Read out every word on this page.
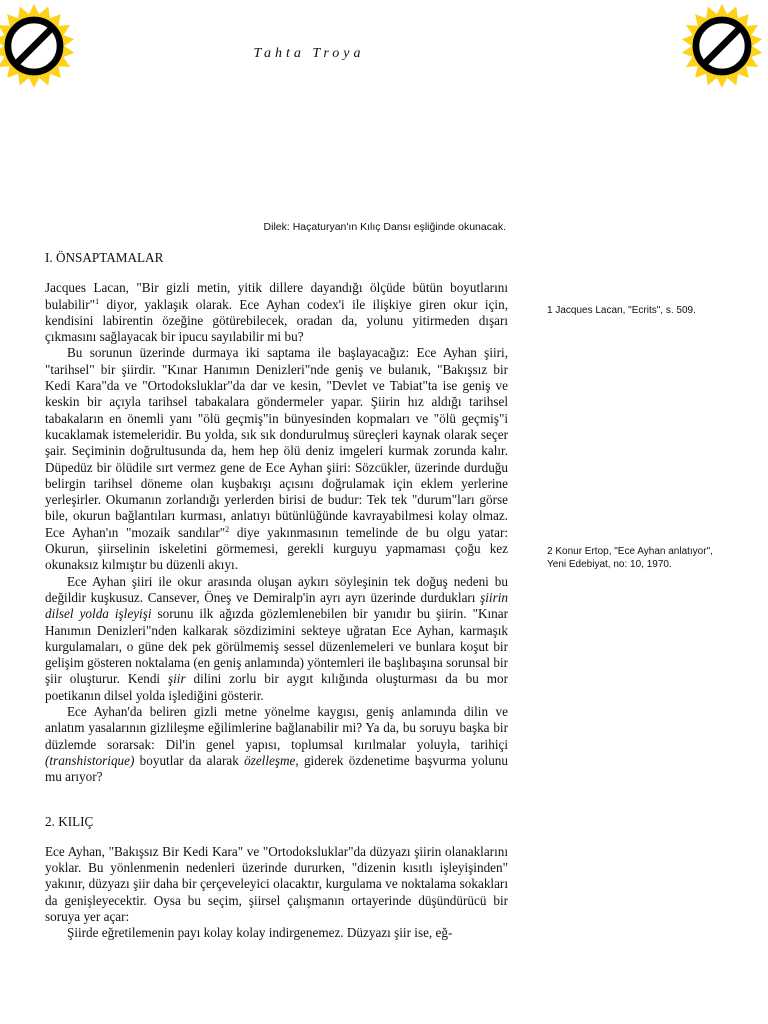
Tahta Troya
Dilek: Haçaturyan'ın Kılıç Dansı eşliğinde okunacak.
I. ÖNSAPTAMALAR

Jacques Lacan, "Bir gizli metin, yitik dillere dayandığı ölçüde bütün boyutlarını bulabilir"$^1$ diyor, yaklaşık olarak. Ece Ayhan codex'i ile ilişkiye giren okur için, kendisini labirentin özeğine götürebilecek, oradan da, yolunu yitirmeden dışarı çıkmasını sağlayacak bir ipucu sayılabilir mi bu?

Bu sorunun üzerinde durmaya iki saptama ile başlayacağız: Ece Ayhan şiiri, "tarihsel" bir şiirdir. "Kınar Hanımın Denizleri"nde geniş ve bulanık, "Bakışsız bir Kedi Kara"da ve "Ortodoksluklar"da dar ve kesin, "Devlet ve Tabiat"ta ise geniş ve keskin bir açıyla tarihsel tabakalara göndermeler yapar. Şiirin hız aldığı tarihsel tabakaların en önemli yanı "ölü geçmiş"in bünyesinden kopmaları ve "ölü geçmiş"i kucaklamak istemeleridir. Bu yolda, sık sık dondurulmuş süreçleri kaynak olarak seçer şair. Seçiminin doğrultusunda da, hem hep ölü deniz imgeleri kurmak zorunda kalır. Düpedüz bir ölüdile sırt vermez gene de Ece Ayhan şiiri: Sözcükler, üzerinde durduğu belirgin tarihsel döneme olan kuşbakışı açısını doğrulamak için eklem yerlerine yerleşirler. Okumanın zorlandığı yerlerden birisi de budur: Tek tek "durum"ları görse bile, okurun bağlantıları kurması, anlatıyı bütünlüğünde kavrayabilmesi kolay olmaz. Ece Ayhan'ın "mozaik sandılar"$^2$ diye yakınmasının temelinde de bu olgu yatar: Okurun, şiirselinin iskeletini görmemesi, gerekli kurguyu yapmaması çoğu kez okunaksız kılmıştır bu düzenli akıyı.

Ece Ayhan şiiri ile okur arasında oluşan aykırı söyleşinin tek doğuş nedeni bu değildir kuşkusuz. Cansever, Öneş ve Demiralp'in ayrı ayrı üzerinde durdukları şiirin dilsel yolda işleyişi sorunu ilk ağızda gözlemlenebilen bir yanıdır bu şiirin. "Kınar Hanımın Denizleri"nden kalkarak sözdizimini sekteye uğratan Ece Ayhan, karmaşık kurgulamaları, o güne dek pek görülmemiş sessel düzenlemeleri ve bunlara koşut bir gelişim gösteren noktalama (en geniş anlamında) yöntemleri ile başlıbaşına sorunsal bir şiir oluşturur. Kendi şiir dilini zorlu bir aygıt kılığında oluşturması da bu mor poetikanın dilsel yolda işlediğini gösterir.

Ece Ayhan'da beliren gizli metne yönelme kaygısı, geniş anlamında dilin ve anlatım yasalarının gizlileşme eğilimlerine bağlanabilir mi? Ya da, bu soruyu başka bir düzlemde sorarsak: Dil'in genel yapısı, toplumsal kırılmalar yoluyla, tarihiçi (transhistorique) boyutlar da alarak özelleşme, giderek özdenetime başvurma yolunu mu arıyor?

2. KILIÇ

Ece Ayhan, "Bakışsız Bir Kedi Kara" ve "Ortodoksluklar"da düzyazı şiirin olanaklarını yoklar. Bu yönlenmenin nedenleri üzerinde dururken, "dizenin kısıtlı işleyişinden" yakınır, düzyazı şiir daha bir çerçeveleyici olacaktır, kurgulama ve noktalama sokakları da genişleyecektir. Oysa bu seçim, şiirsel çalışmanın ortayerinde düşündürücü bir soruya yer açar:

Şiirde eğretilemenin payı kolay kolay indirgenemez. Düzyazı şiir ise, eğ-

1 Jacques Lacan, "Ecrits", s. 509.
2 Konur Ertop, "Ece Ayhan anlatıyor", Yeni Edebiyat, no: 10, 1970.
